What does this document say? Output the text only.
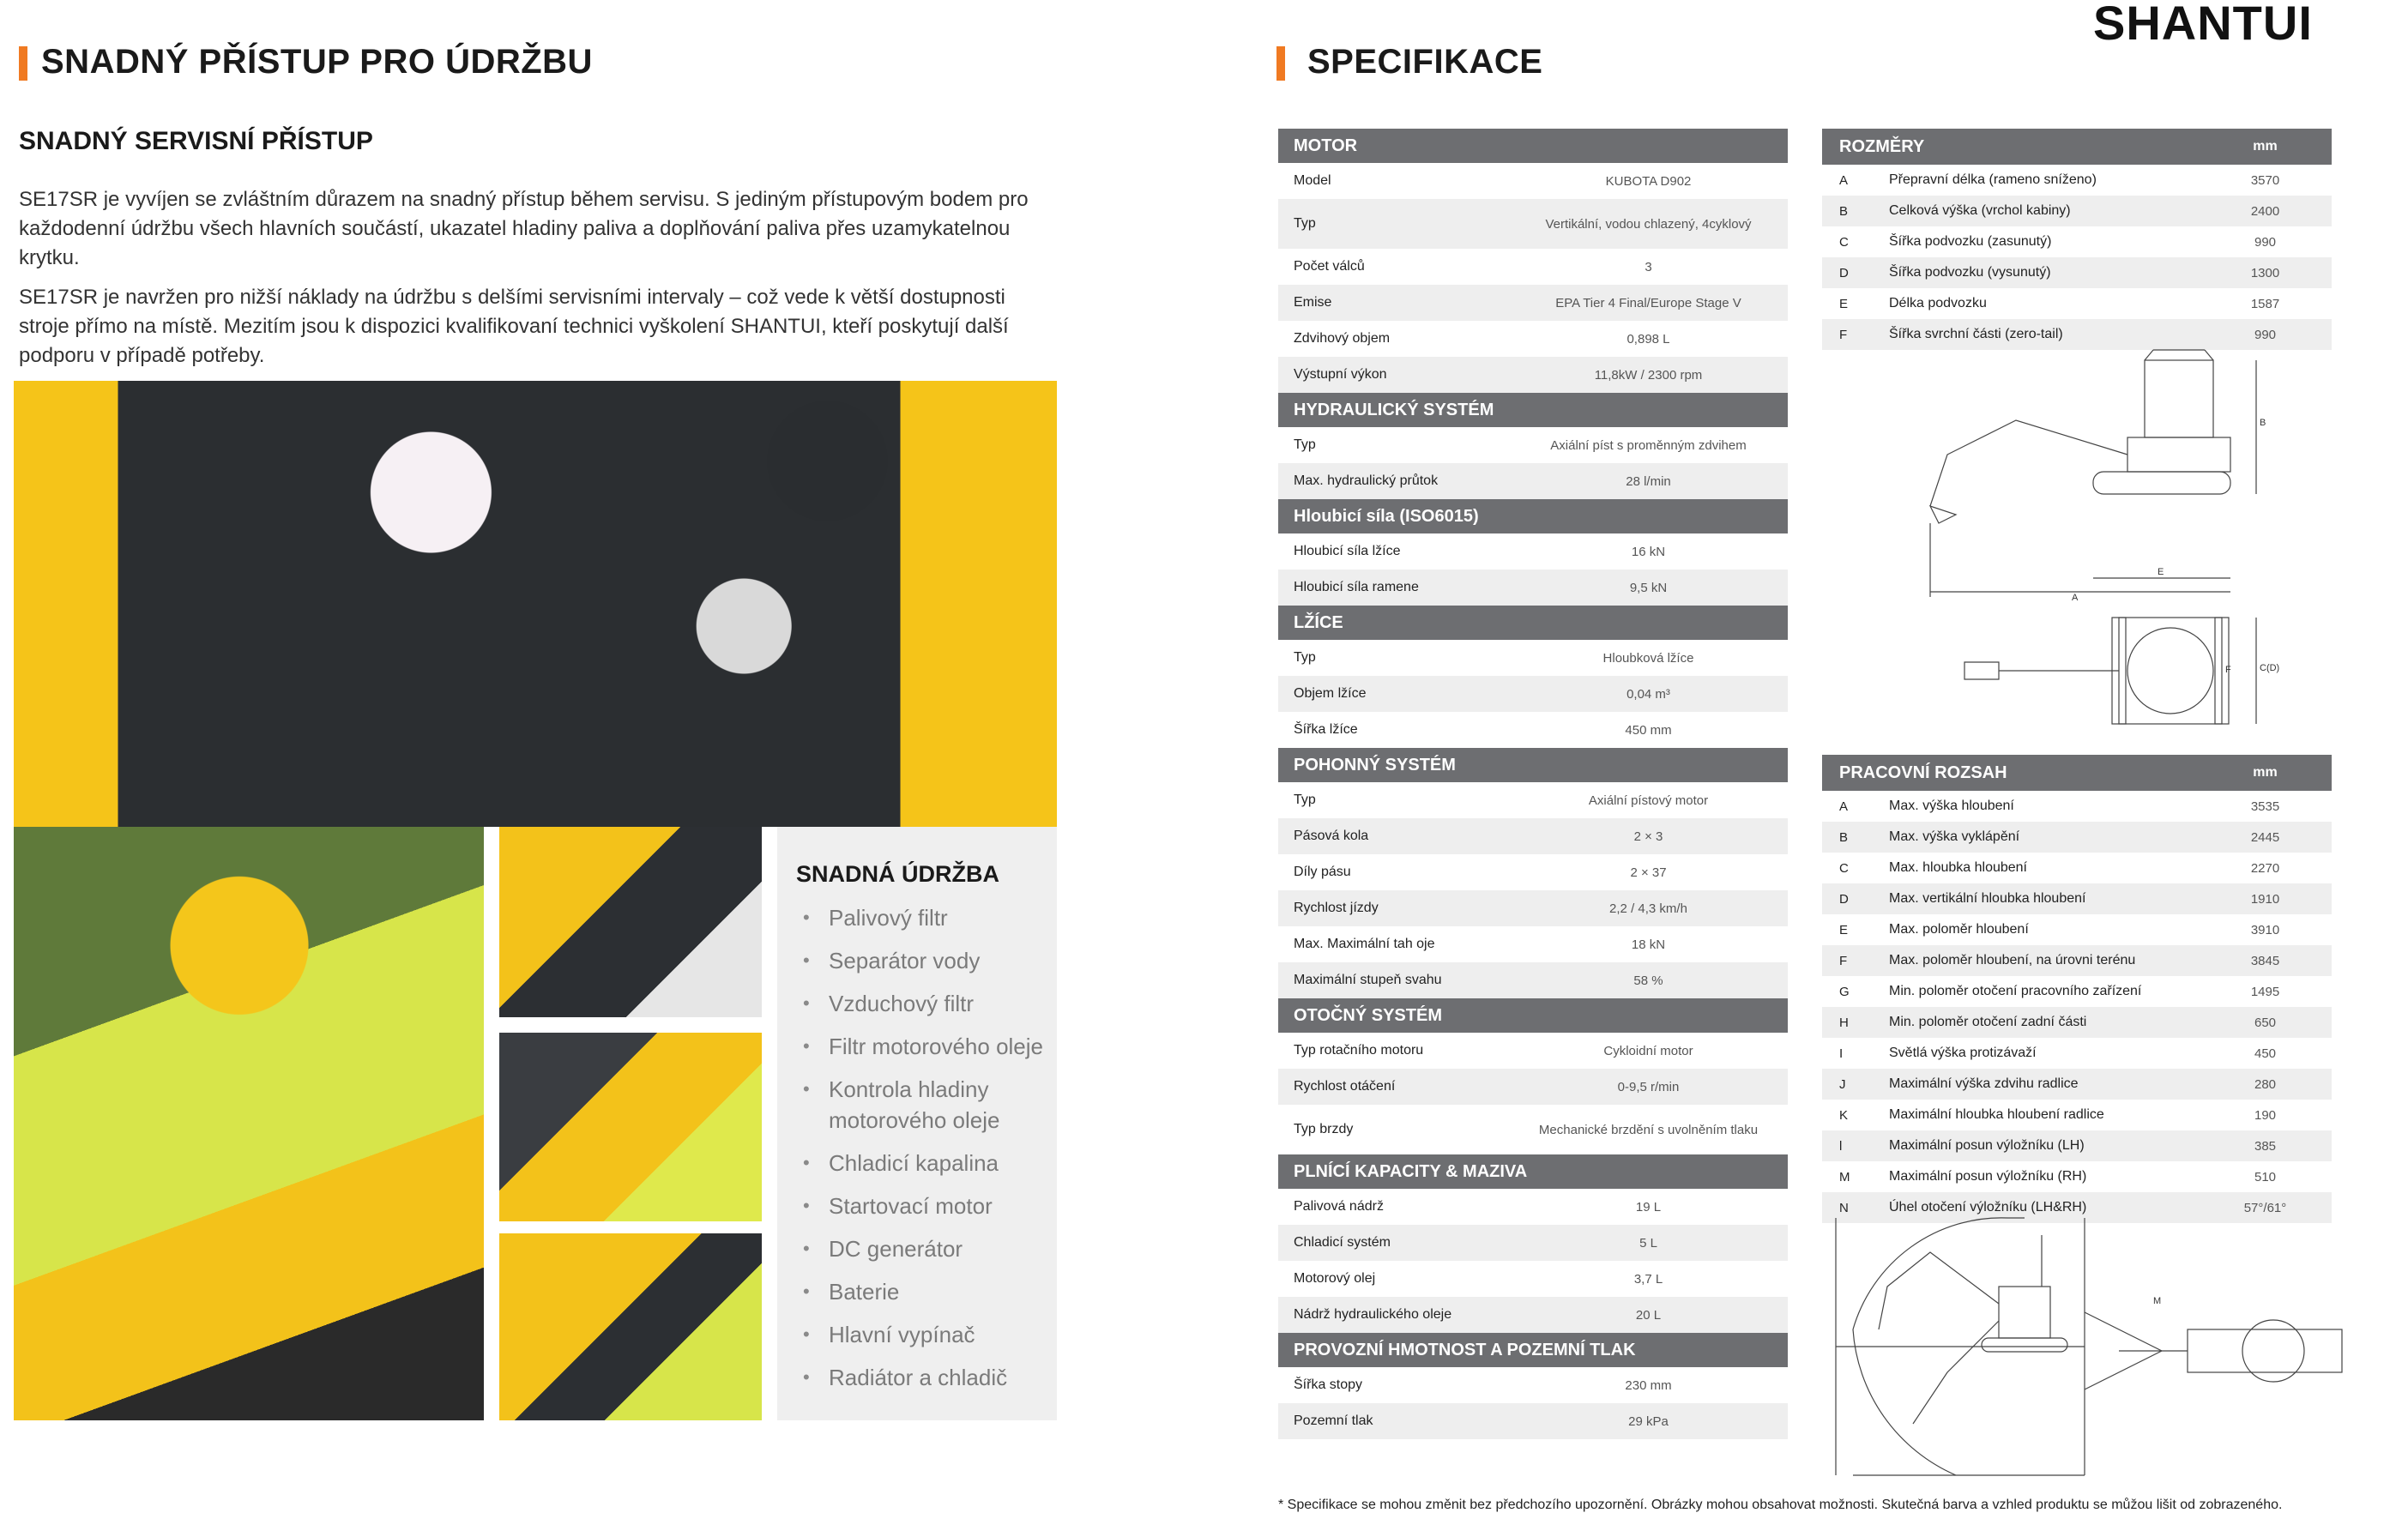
SNADNÝ PŘÍSTUP PRO ÚDRŽBU
SNADNÝ SERVISNÍ PŘÍSTUP
SE17SR je vyvíjen se zvláštním důrazem na snadný přístup během servisu. S jediným přístupovým bodem pro každodenní údržbu všech hlavních součástí, ukazatel hladiny paliva a doplňování paliva přes uzamykatelnou krytku.
SE17SR je navržen pro nižší náklady na údržbu s delšími servisními intervaly – což vede k větší dostupnosti stroje přímo na místě. Mezitím jsou k dispozici kvalifikovaní technici vyškolení SHANTUI, kteří poskytují další podporu v případě potřeby.
SNADNÁ ÚDRŽBA
• Palivový filtr
• Separátor vody
• Vzduchový filtr
• Filtr motorového oleje
• Kontrola hladiny motorového oleje
• Chladicí kapalina
• Startovací motor
• DC generátor
• Baterie
• Hlavní vypínač
• Radiátor a chladič
SHANTUI
SPECIFIKACE
MOTOR	
Model	KUBOTA D902
Typ	Vertikální, vodou chlazený, 4cyklový
Počet válců	3
Emise	EPA Tier 4 Final/Europe Stage V
Zdvihový objem	0,898 L
Výstupní výkon	11,8kW / 2300 rpm
HYDRAULICKÝ SYSTÉM	
Typ	Axiální píst s proměnným zdvihem
Max. hydraulický průtok	28 l/min
Hloubicí síla (ISO6015)	
Hloubicí síla lžíce	16 kN
Hloubicí síla ramene	9,5 kN
LŽÍCE	
Typ	Hloubková lžíce
Objem lžíce	0,04 m³
Šířka lžíce	450 mm
POHONNÝ SYSTÉM	
Typ	Axiální pístový motor
Pásová kola	2 × 3
Díly pásu	2 × 37
Rychlost jízdy	2,2 / 4,3 km/h
Max. Maximální tah oje	18 kN
Maximální stupeň svahu	58 %
OTOČNÝ SYSTÉM	
Typ rotačního motoru	Cykloidní motor
Rychlost otáčení	0-9,5 r/min
Typ brzdy	Mechanické brzdění s uvolněním tlaku
PLNÍCÍ KAPACITY & MAZIVA	
Palivová nádrž	19 L
Chladicí systém	5 L
Motorový olej	3,7 L
Nádrž hydraulického oleje	20 L
PROVOZNÍ HMOTNOST A POZEMNÍ TLAK	
Šířka stopy	230 mm
Pozemní tlak	29 kPa
ROZMĚRY		mm
A	Přepravní délka (rameno sníženo)	3570
B	Celková výška (vrchol kabiny)	2400
C	Šířka podvozku (zasunutý)	990
D	Šířka podvozku (vysunutý)	1300
E	Délka podvozku	1587
F	Šířka svrchní části (zero-tail)	990
A
B
E
F	C(D)
PRACOVNÍ ROZSAH		mm
A	Max. výška hloubení	3535
B	Max. výška vyklápění	2445
C	Max. hloubka hloubení	2270
D	Max. vertikální hloubka hloubení	1910
E	Max. poloměr hloubení	3910
F	Max. poloměr hloubení, na úrovni terénu	3845
G	Min. poloměr otočení pracovního zařízení	1495
H	Min. poloměr otočení zadní části	650
I	Světlá výška protizávaží	450
J	Maximální výška zdvihu radlice	280
K	Maximální hloubka hloubení radlice	190
l	Maximální posun výložníku (LH)	385
M	Maximální posun výložníku (RH)	510
N	Úhel otočení výložníku (LH&RH)	57°/61°
M
* Specifikace se mohou změnit bez předchozího upozornění. Obrázky mohou obsahovat možnosti. Skutečná barva a vzhled produktu se můžou lišit od zobrazeného.
